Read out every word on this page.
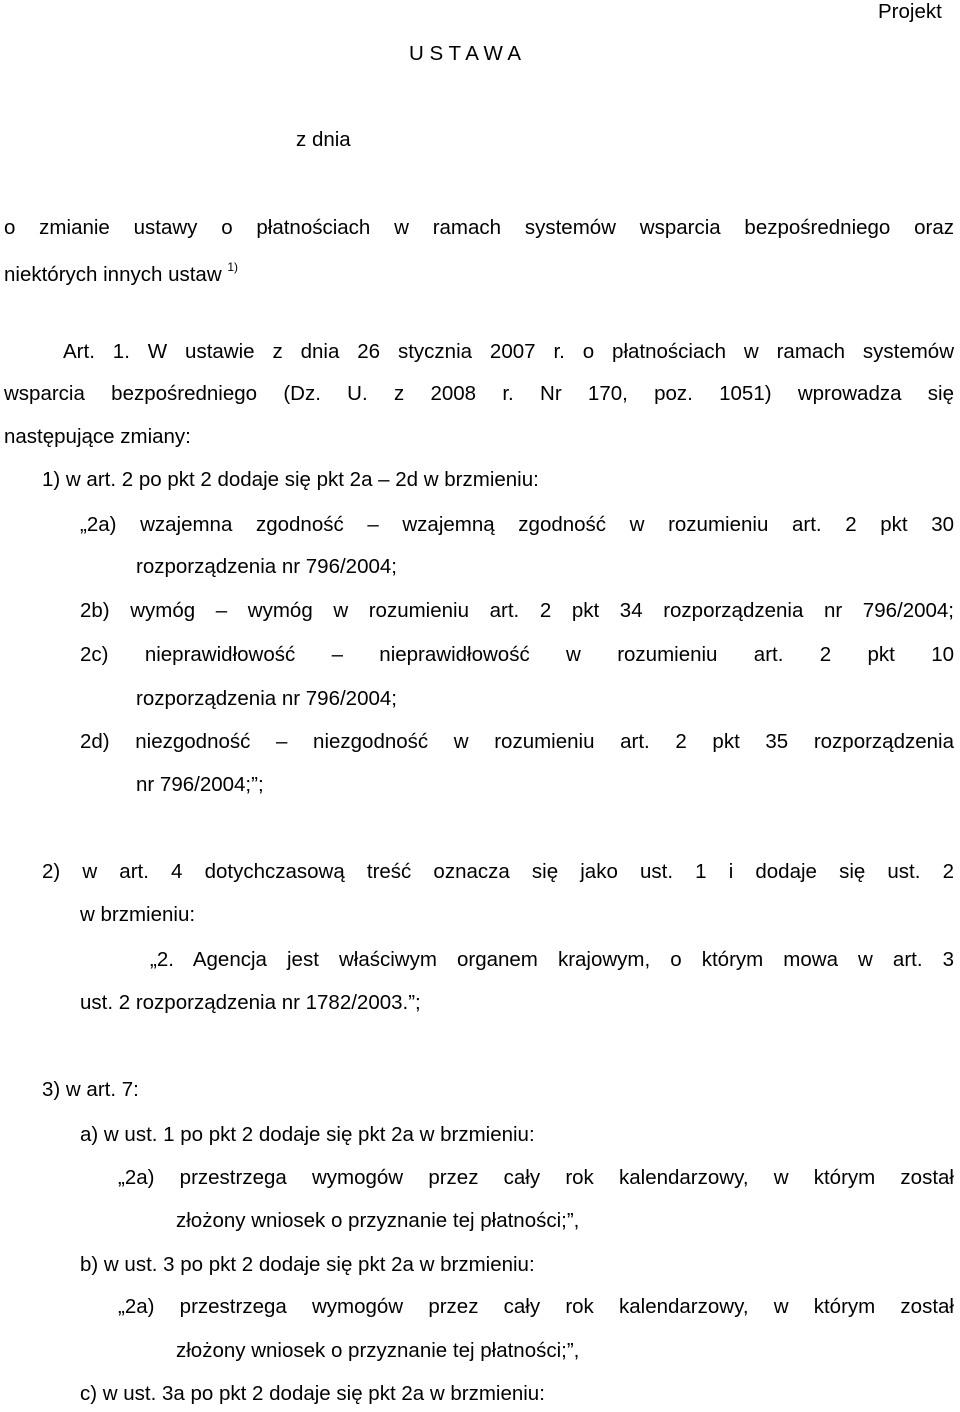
Projekt
U S T A W A
z dnia
o zmianie ustawy o płatnościach w ramach systemów wsparcia bezpośredniego oraz
niektórych innych ustaw $^{1)}$
Art. 1. W ustawie z dnia 26 stycznia 2007 r. o płatnościach w ramach systemów
wsparcia bezpośredniego (Dz. U. z 2008 r. Nr 170, poz. 1051) wprowadza się
następujące zmiany:
1) w art. 2 po pkt 2 dodaje się pkt 2a – 2d w brzmieniu:
„2a) wzajemna zgodność – wzajemną zgodność w rozumieniu art. 2 pkt 30
rozporządzenia nr 796/2004;
2b) wymóg – wymóg w rozumieniu art. 2 pkt 34 rozporządzenia nr 796/2004;
2c) nieprawidłowość – nieprawidłowość w rozumieniu art. 2 pkt 10
rozporządzenia nr 796/2004;
2d) niezgodność – niezgodność w rozumieniu art. 2 pkt 35 rozporządzenia
nr 796/2004;”;
2) w art. 4 dotychczasową treść oznacza się jako ust. 1 i dodaje się ust. 2
w brzmieniu:
„2. Agencja jest właściwym organem krajowym, o którym mowa w art. 3
ust. 2 rozporządzenia nr 1782/2003.”;
3) w art. 7:
a) w ust. 1 po pkt 2 dodaje się pkt 2a w brzmieniu:
„2a) przestrzega wymogów przez cały rok kalendarzowy, w którym został
złożony wniosek o przyznanie tej płatności;”,
b) w ust. 3 po pkt 2 dodaje się pkt 2a w brzmieniu:
„2a) przestrzega wymogów przez cały rok kalendarzowy, w którym został
złożony wniosek o przyznanie tej płatności;”,
c) w ust. 3a po pkt 2 dodaje się pkt 2a w brzmieniu:
